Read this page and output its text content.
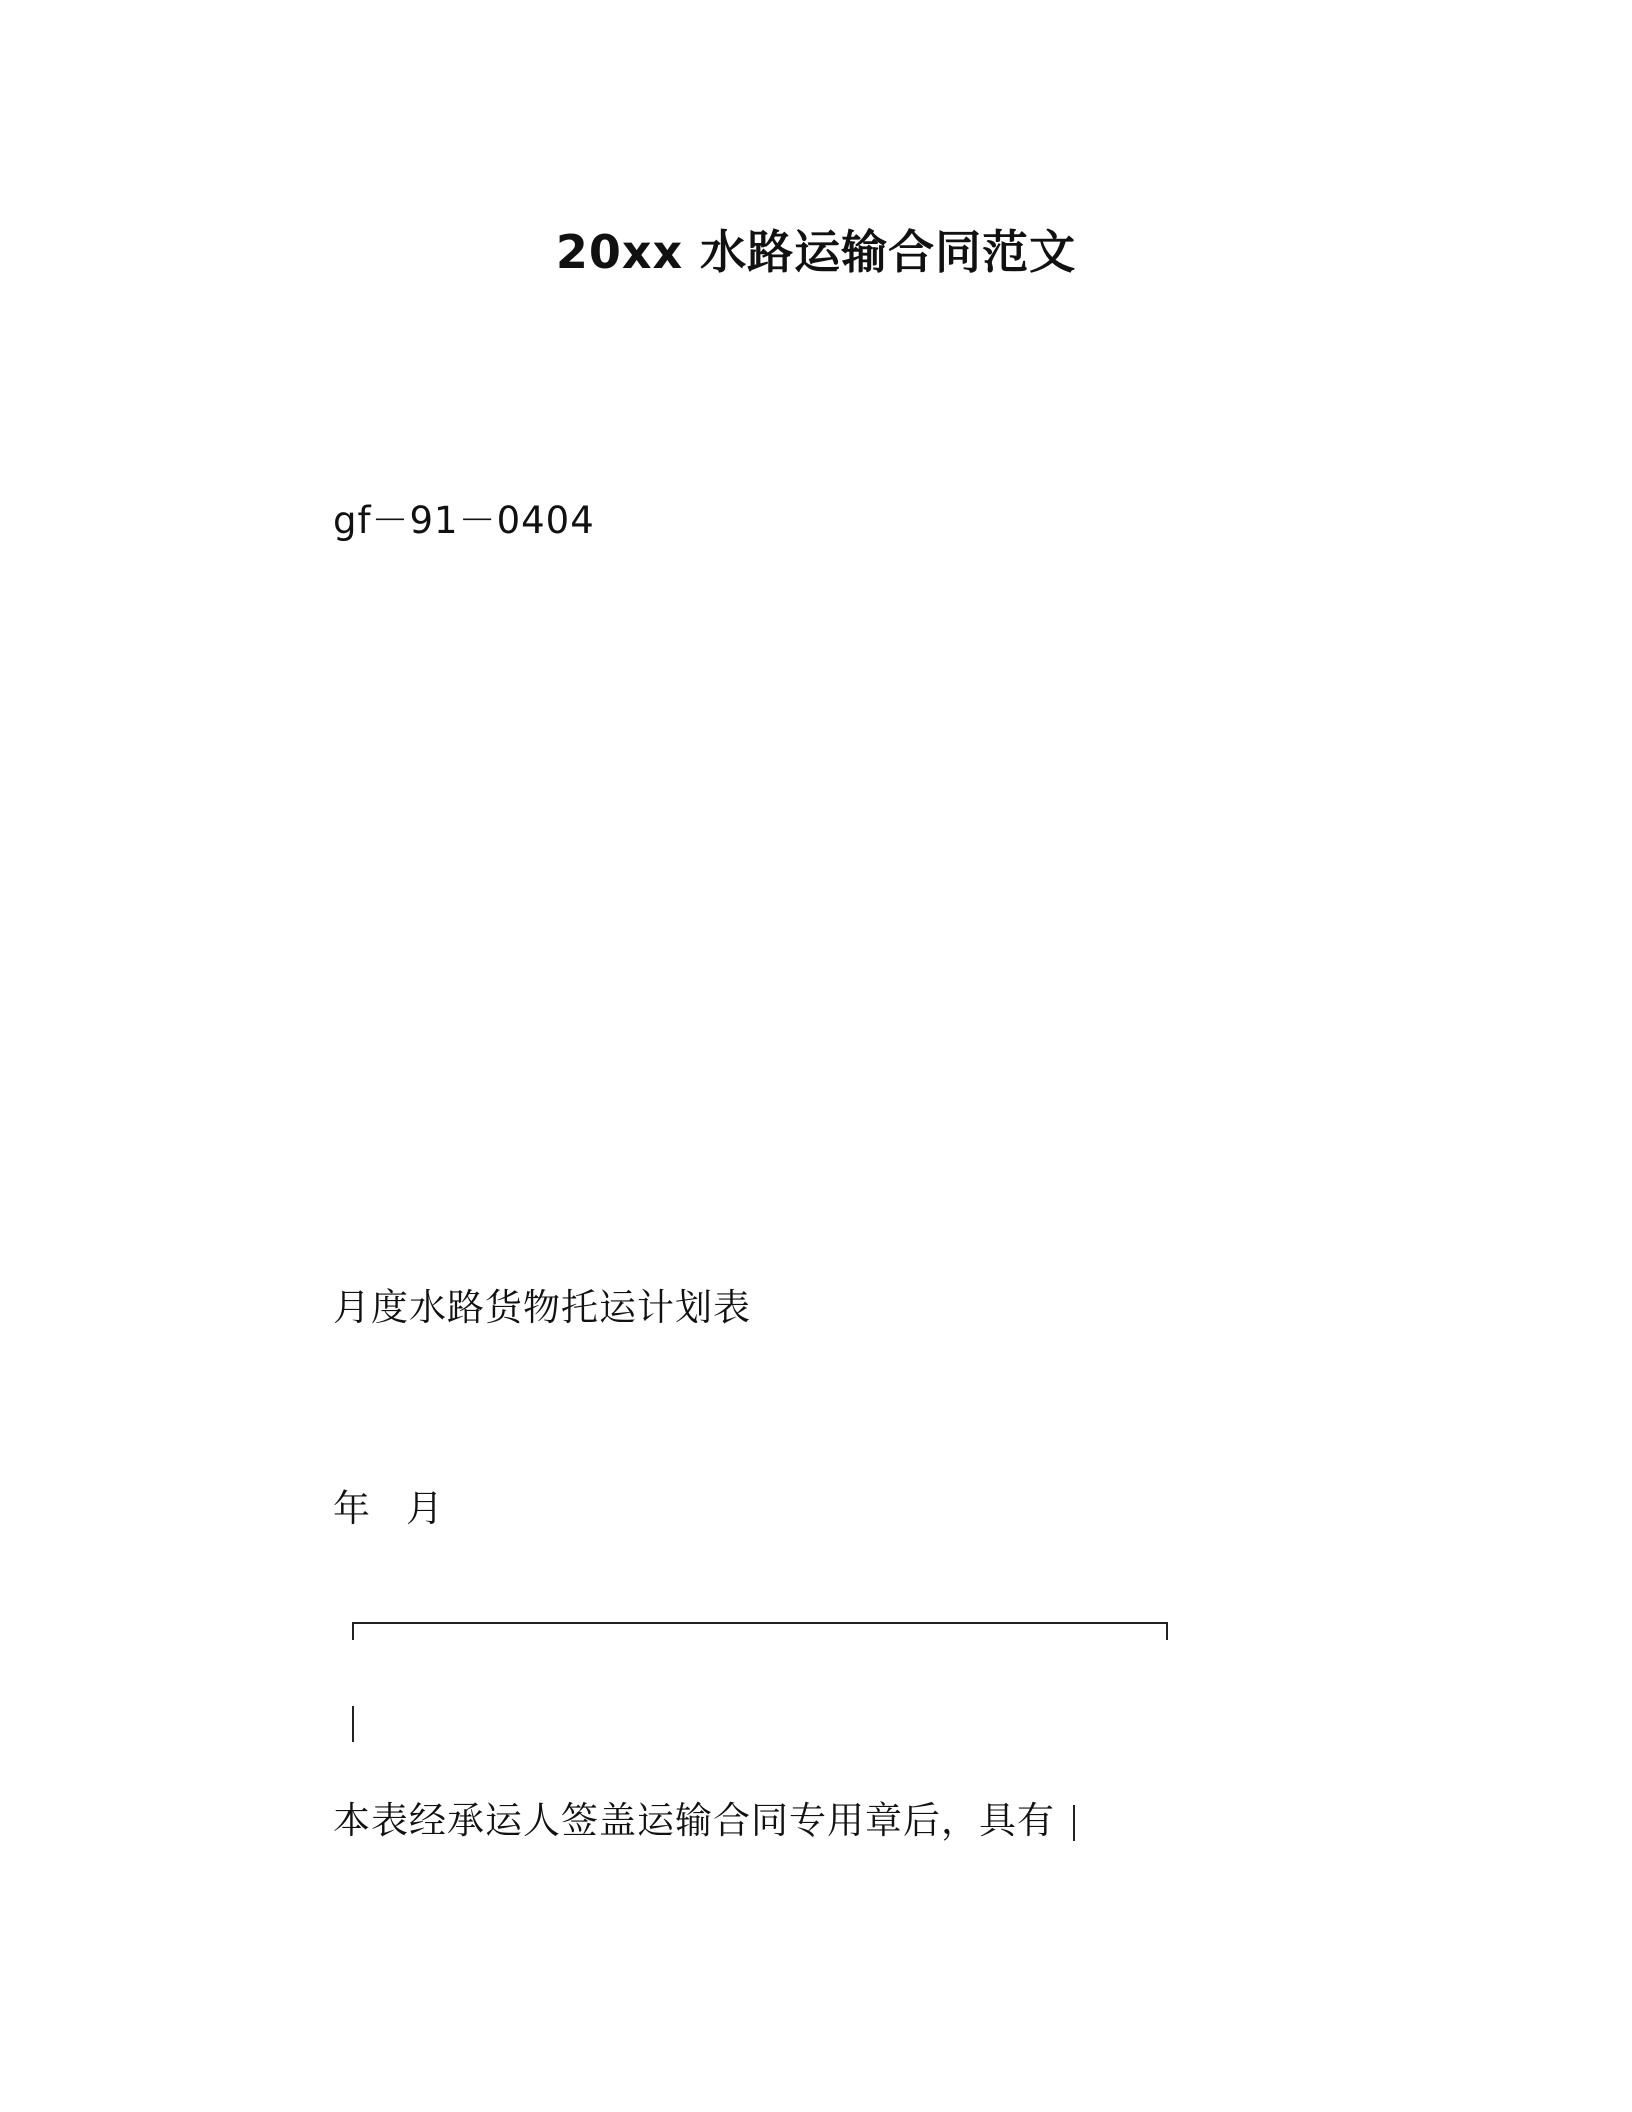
20xx 水路运输合同范文
gf－91－0404
月度水路货物托运计划表
年 月
本表经承运人签盖运输合同专用章后，具有
